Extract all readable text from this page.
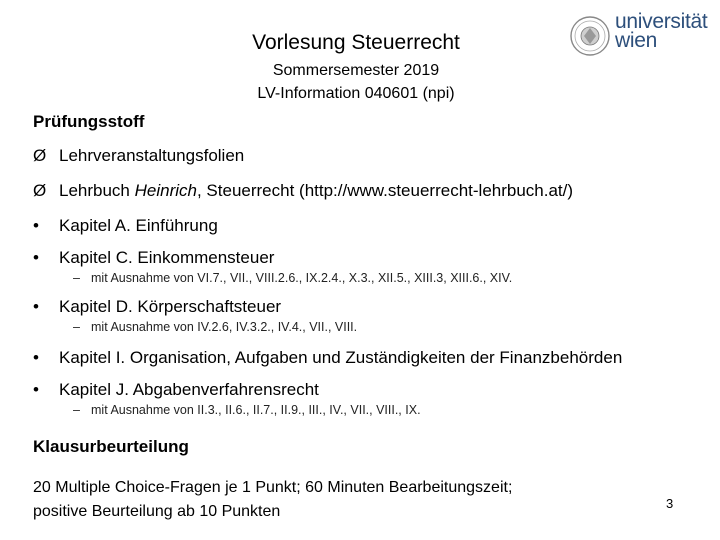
universität
wien
Vorlesung Steuerrecht
Sommersemester 2019
LV-Information 040601 (npi)
Prüfungsstoff
Ø Lehrveranstaltungsfolien
Ø Lehrbuch Heinrich, Steuerrecht (http://www.steuerrecht-lehrbuch.at/)
• Kapitel A. Einführung
• Kapitel C. Einkommensteuer
– mit Ausnahme von VI.7., VII., VIII.2.6., IX.2.4., X.3., XII.5., XIII.3, XIII.6., XIV.
• Kapitel D. Körperschaftsteuer
– mit Ausnahme von IV.2.6, IV.3.2., IV.4., VII., VIII.
• Kapitel I. Organisation, Aufgaben und Zuständigkeiten der Finanzbehörden
• Kapitel J. Abgabenverfahrensrecht
– mit Ausnahme von II.3., II.6., II.7., II.9., III., IV., VII., VIII., IX.
Klausurbeurteilung
20 Multiple Choice-Fragen je 1 Punkt; 60 Minuten Bearbeitungszeit;
positive Beurteilung ab 10 Punkten	3
